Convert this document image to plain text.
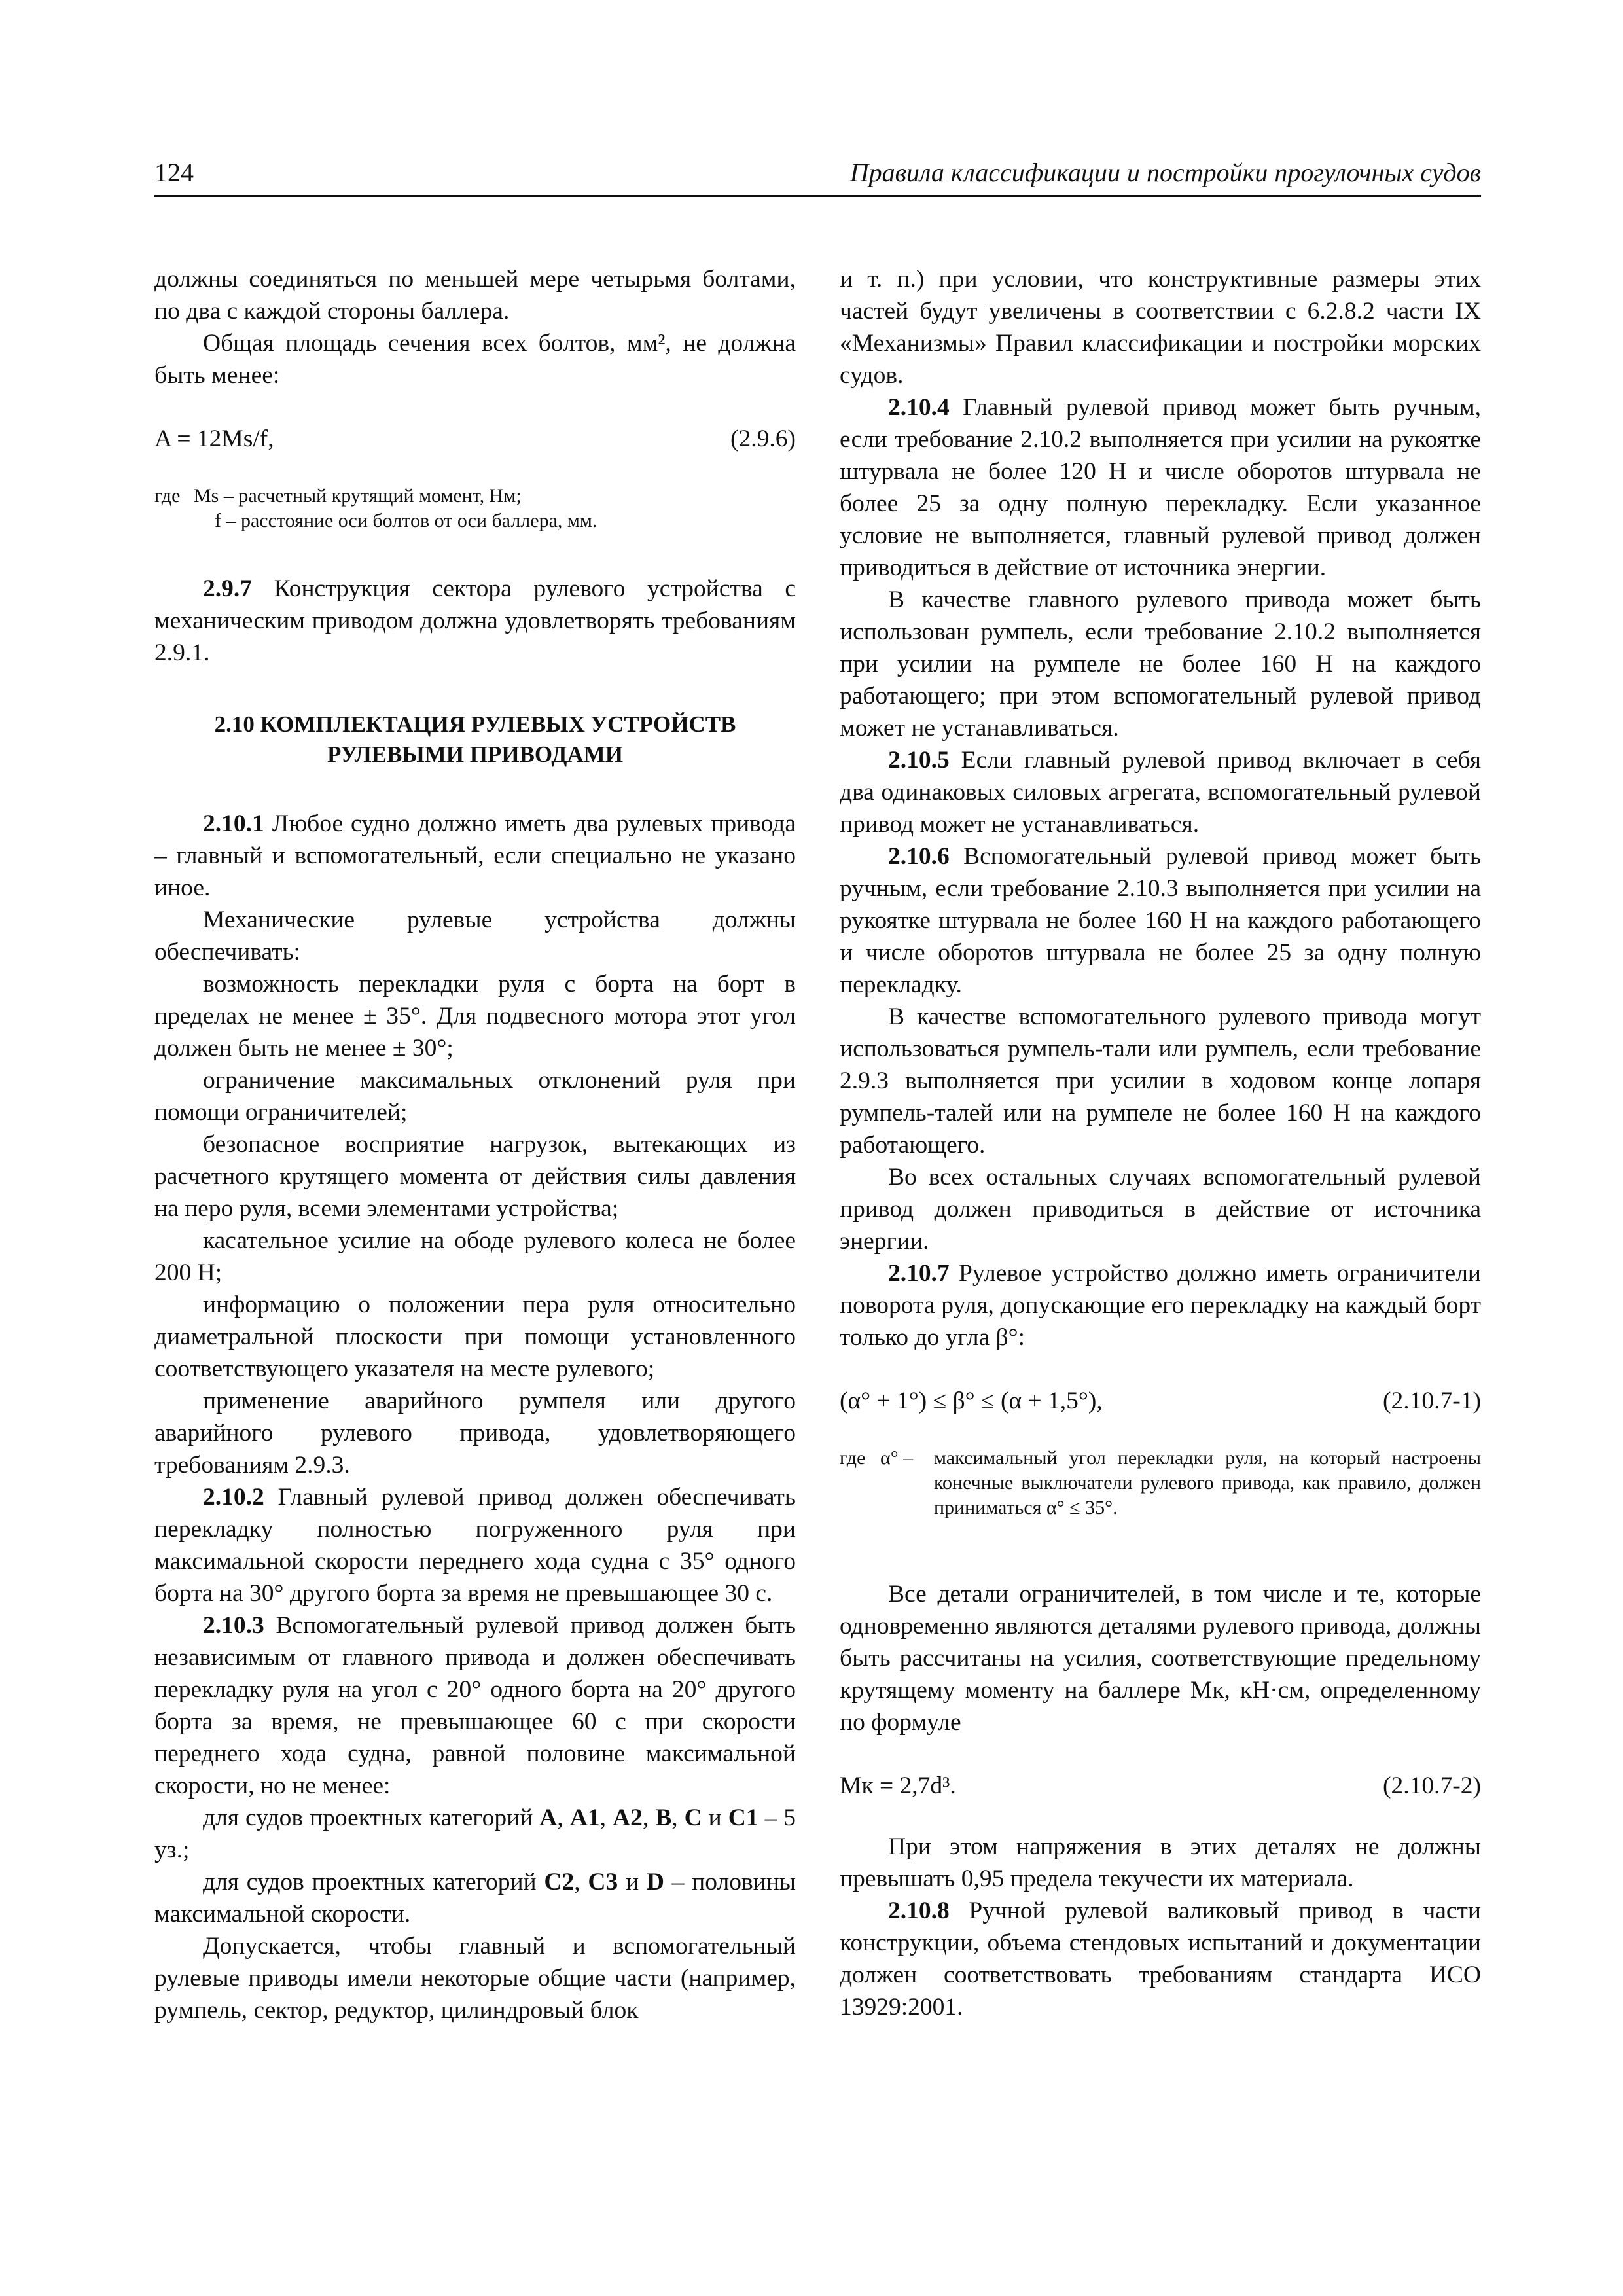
124	Правила классификации и постройки прогулочных судов

должны соединяться по меньшей мере четырьмя болтами, по два с каждой стороны баллера.

Общая площадь сечения всех болтов, мм², не должна быть менее:

A = 12Ms/f,	(2.9.6)
где Ms – расчетный крутящий момент, Нм;
f – расстояние оси болтов от оси баллера, мм.

2.9.7 Конструкция сектора рулевого устройства с механическим приводом должна удовлетворять требованиям 2.9.1.

2.10 КОМПЛЕКТАЦИЯ РУЛЕВЫХ УСТРОЙСТВ
РУЛЕВЫМИ ПРИВОДАМИ

2.10.1 Любое судно должно иметь два рулевых привода – главный и вспомогательный, если специально не указано иное.

Механические рулевые устройства должны обеспечивать:

возможность перекладки руля с борта на борт в пределах не менее ± 35°. Для подвесного мотора этот угол должен быть не менее ± 30°;

ограничение максимальных отклонений руля при помощи ограничителей;

безопасное восприятие нагрузок, вытекающих из расчетного крутящего момента от действия силы давления на перо руля, всеми элементами устройства;

касательное усилие на ободе рулевого колеса не более 200 Н;

информацию о положении пера руля относительно диаметральной плоскости при помощи установленного соответствующего указателя на месте рулевого;

применение аварийного румпеля или другого аварийного рулевого привода, удовлетворяющего требованиям 2.9.3.

2.10.2 Главный рулевой привод должен обеспечивать перекладку полностью погруженного руля при максимальной скорости переднего хода судна с 35° одного борта на 30° другого борта за время не превышающее 30 с.

2.10.3 Вспомогательный рулевой привод должен быть независимым от главного привода и должен обеспечивать перекладку руля на угол с 20° одного борта на 20° другого борта за время, не превышающее 60 с при скорости переднего хода судна, равной половине максимальной скорости, но не менее:

для судов проектных категорий A, A1, A2, B, C и C1 – 5 уз.;

для судов проектных категорий C2, C3 и D – половины максимальной скорости.

Допускается, чтобы главный и вспомогательный рулевые приводы имели некоторые общие части (например, румпель, сектор, редуктор, цилиндровый блок

и т. п.) при условии, что конструктивные размеры этих частей будут увеличены в соответствии с 6.2.8.2 части IX «Механизмы» Правил классификации и постройки морских судов.

2.10.4 Главный рулевой привод может быть ручным, если требование 2.10.2 выполняется при усилии на рукоятке штурвала не более 120 Н и числе оборотов штурвала не более 25 за одну полную перекладку. Если указанное условие не выполняется, главный рулевой привод должен приводиться в действие от источника энергии.

В качестве главного рулевого привода может быть использован румпель, если требование 2.10.2 выполняется при усилии на румпеле не более 160 Н на каждого работающего; при этом вспомогательный рулевой привод может не устанавливаться.

2.10.5 Если главный рулевой привод включает в себя два одинаковых силовых агрегата, вспомогательный рулевой привод может не устанавливаться.

2.10.6 Вспомогательный рулевой привод может быть ручным, если требование 2.10.3 выполняется при усилии на рукоятке штурвала не более 160 Н на каждого работающего и числе оборотов штурвала не более 25 за одну полную перекладку.

В качестве вспомогательного рулевого привода могут использоваться румпель-тали или румпель, если требование 2.9.3 выполняется при усилии в ходовом конце лопаря румпель-талей или на румпеле не более 160 Н на каждого работающего.

Во всех остальных случаях вспомогательный рулевой привод должен приводиться в действие от источника энергии.

2.10.7 Рулевое устройство должно иметь ограничители поворота руля, допускающие его перекладку на каждый борт только до угла β°:

(α° + 1°) ≤ β° ≤ (α + 1,5°),	(2.10.7-1)
где α° –	максимальный угол перекладки руля, на который настроены конечные выключатели рулевого привода, как правило, должен приниматься α° ≤ 35°.

Все детали ограничителей, в том числе и те, которые одновременно являются деталями рулевого привода, должны быть рассчитаны на усилия, соответствующие предельному крутящему моменту на баллере Mк, кН·см, определенному по формуле

Mк = 2,7d³.	(2.10.7-2)

При этом напряжения в этих деталях не должны превышать 0,95 предела текучести их материала.

2.10.8 Ручной рулевой валиковый привод в части конструкции, объема стендовых испытаний и документации должен соответствовать требованиям стандарта ИСО 13929:2001.
